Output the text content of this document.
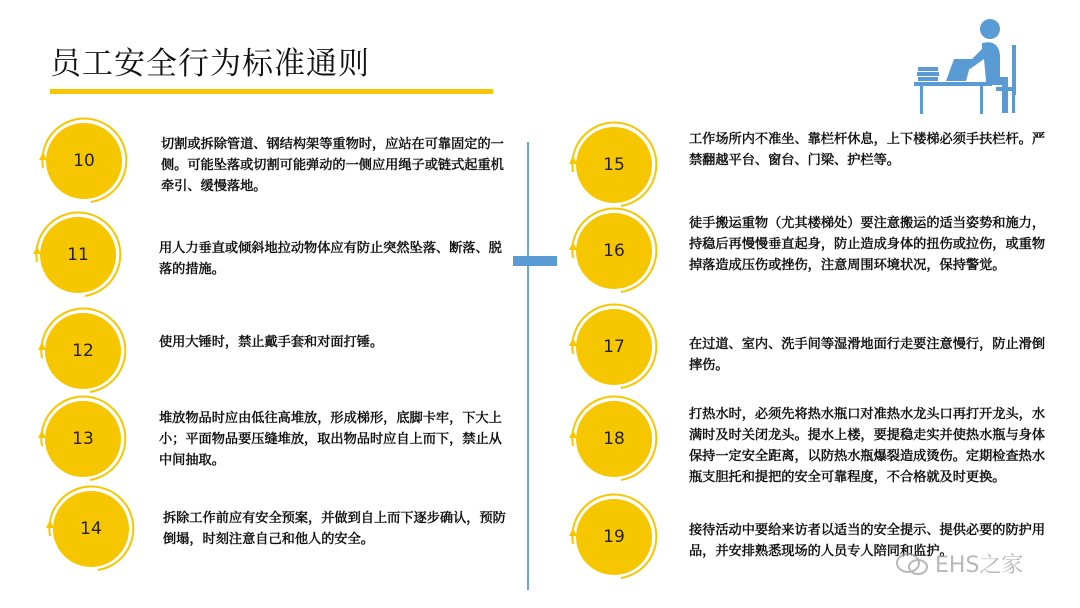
员工安全行为标准通则
10
切割或拆除管道、钢结构架等重物时，应站在可靠固定的一侧。可能坠落或切割可能弹动的一侧应用绳子或链式起重机牵引、缓慢落地。
11	用人力垂直或倾斜地拉动物体应有防止突然坠落、断落、脱落的措施。
12	使用大锤时，禁止戴手套和对面打锤。
13
堆放物品时应由低往高堆放，形成梯形，底脚卡牢，下大上小；平面物品要压缝堆放，取出物品时应自上而下，禁止从中间抽取。
14
拆除工作前应有安全预案，并做到自上而下逐步确认，预防倒塌，时刻注意自己和他人的安全。
15
工作场所内不准坐、靠栏杆休息，上下楼梯必须手扶栏杆。严禁翻越平台、窗台、门梁、护栏等。
16
徒手搬运重物（尤其楼梯处）要注意搬运的适当姿势和施力，持稳后再慢慢垂直起身，防止造成身体的扭伤或拉伤，或重物掉落造成压伤或挫伤，注意周围环境状况，保持警觉。
17	在过道、室内、洗手间等湿滑地面行走要注意慢行，防止滑倒摔伤。
18
打热水时，必须先将热水瓶口对准热水龙头口再打开龙头，水满时及时关闭龙头。提水上楼，要提稳走实并使热水瓶与身体保持一定安全距离，以防热水瓶爆裂造成烫伤。定期检查热水瓶支胆托和提把的安全可靠程度，不合格就及时更换。
19	接待活动中要给来访者以适当的安全提示、提供必要的防护用品，并安排熟悉现场的人员专人陪同和监护。
EHS之家
